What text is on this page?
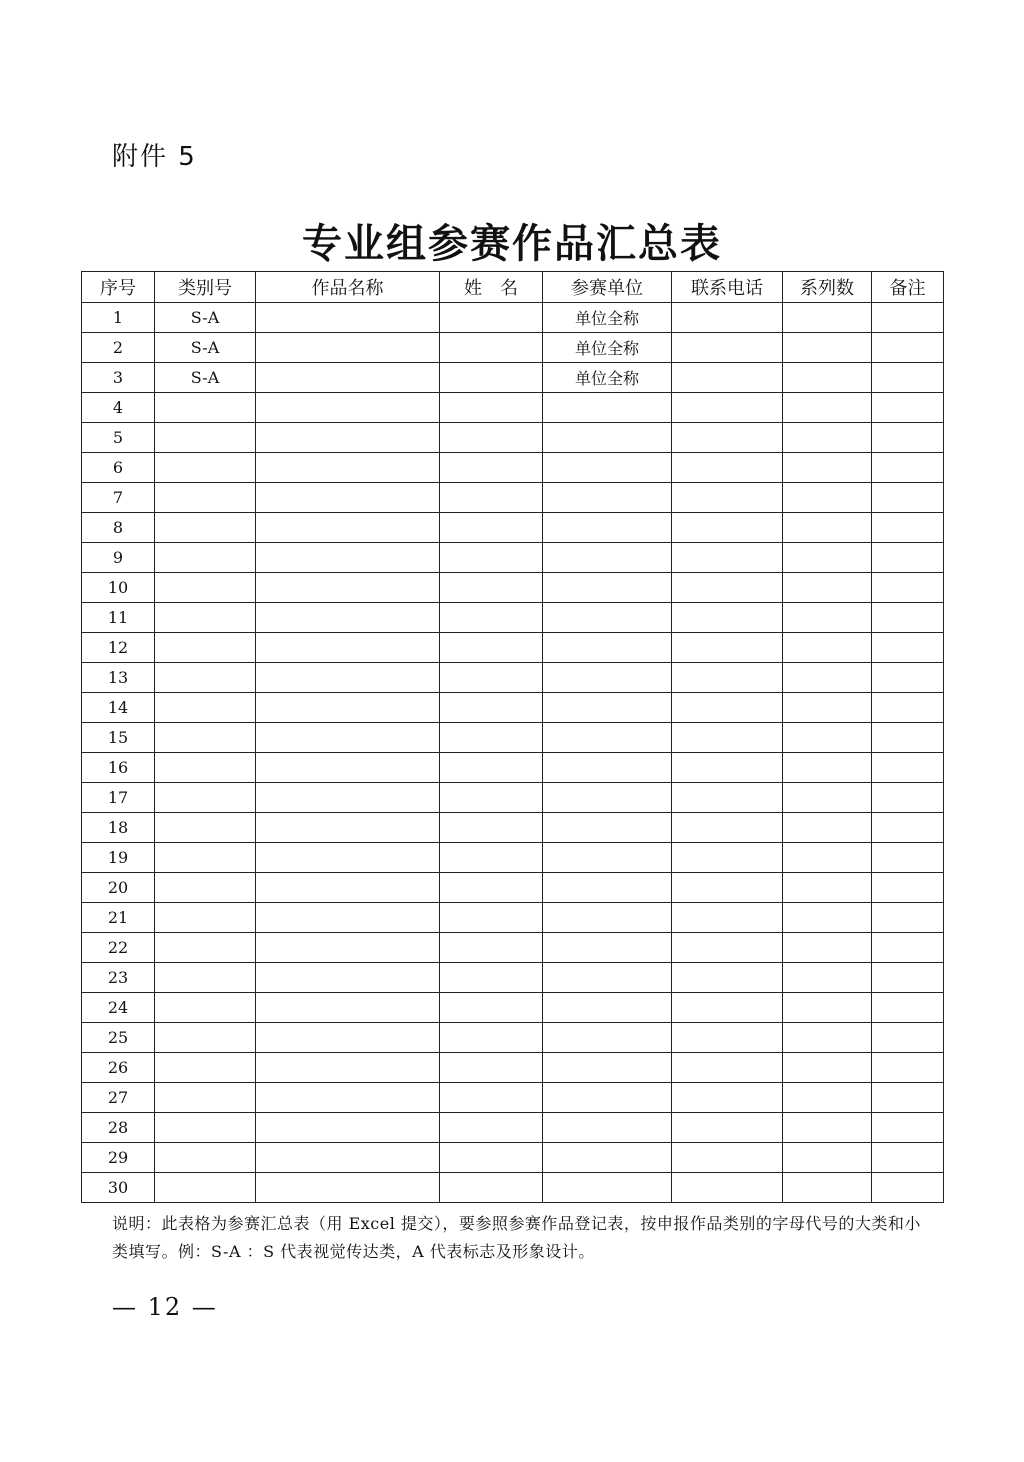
附件 5
专业组参赛作品汇总表
序号	类别号	作品名称	姓　名	参赛单位	联系电话	系列数	备注
1	S-A			单位全称			
2	S-A			单位全称			
3	S-A			单位全称			
4							
5							
6							
7							
8							
9							
10							
11							
12							
13							
14							
15							
16							
17							
18							
19							
20							
21							
22							
23							
24							
25							
26							
27							
28							
29							
30							
说明：此表格为参赛汇总表（用 Excel 提交），要参照参赛作品登记表，按申报作品类别的字母代号的大类和小类填写。例：S-A ：S 代表视觉传达类，A 代表标志及形象设计。
— 12 —
